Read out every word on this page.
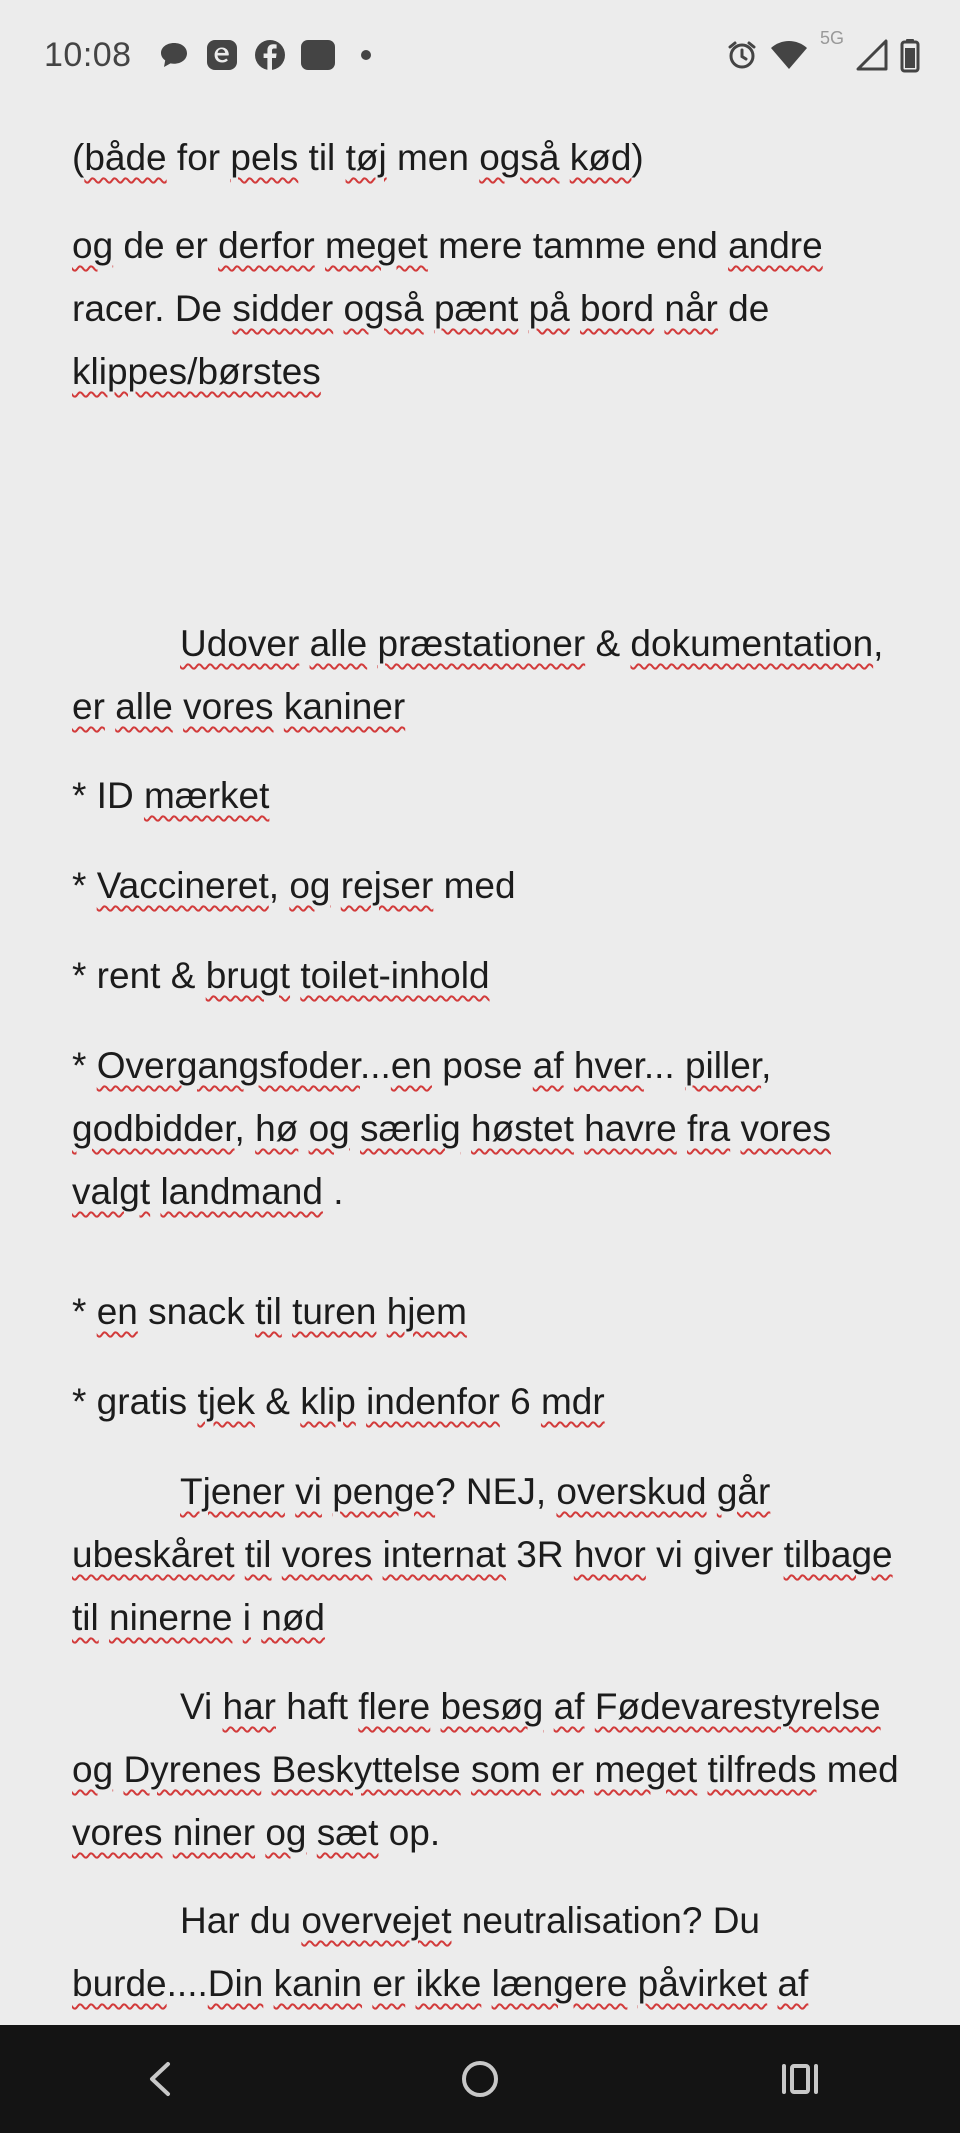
10:08	5G

(både for pels til tøj men også kød)

og de er derfor meget mere tamme end andre racer. De sidder også pænt på bord når de klippes/børstes

Udover alle præstationer & dokumentation, er alle vores kaniner

* ID mærket

* Vaccineret, og rejser med

* rent & brugt toilet-inhold

* Overgangsfoder...en pose af hver... piller, godbidder, hø og særlig høstet havre fra vores valgt landmand .

* en snack til turen hjem

* gratis tjek & klip indenfor 6 mdr

Tjener vi penge? NEJ, overskud går ubeskåret til vores internat 3R hvor vi giver tilbage til ninerne i nød

Vi har haft flere besøg af Fødevarestyrelse og Dyrenes Beskyttelse som er meget tilfreds med vores niner og sæt op.

Har du overvejet neutralisation? Du burde....Din kanin er ikke længere påvirket af
